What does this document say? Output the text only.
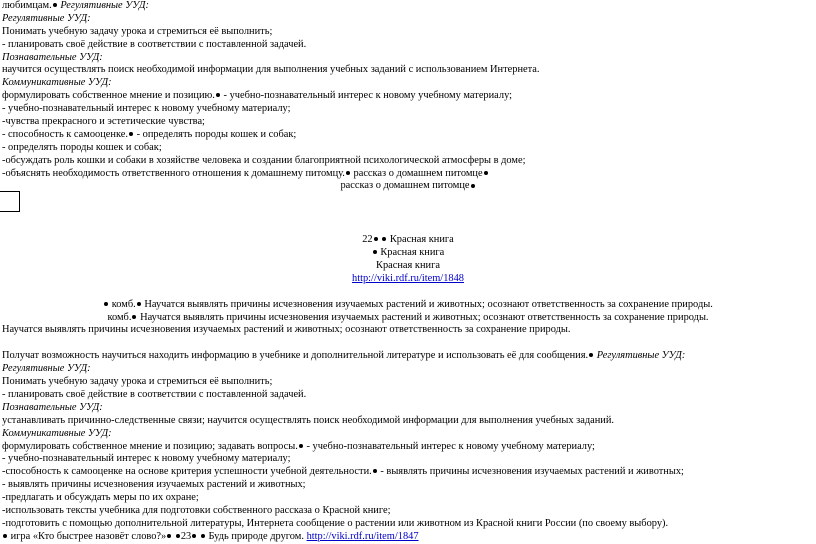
любимцам. Регулятивные УУД:
Регулятивные УУД:
Понимать учебную задачу урока и стремиться её выполнить;
- планировать своё действие в соответствии с поставленной задачей.
Познавательные УУД:
научится осуществлять поиск необходимой информации для выполнения учебных заданий с использованием Интернета.
Коммуникативные УУД:
формулировать собственное мнение и позицию. - учебно-познавательный интерес к новому учебному материалу;
- учебно-познавательный интерес к новому учебному материалу;
-чувства прекрасного и эстетические чувства;
- способность к самооценке. - определять породы кошек и собак;
- определять породы кошек и собак;
-обсуждать роль кошки и собаки в хозяйстве человека и создании благоприятной психологической атмосферы в доме;
-объяснять необходимость ответственного отношения к домашнему питомцу. рассказ о домашнем питомце
рассказ о домашнем питомце
22 Красная книга
Красная книга
Красная книга
http://viki.rdf.ru/item/1848
комб. Научатся выявлять причины исчезновения изучаемых растений и животных; осознают ответственность за сохранение природы.
комб. Научатся выявлять причины исчезновения изучаемых растений и животных; осознают ответственность за сохранение природы.
Научатся выявлять причины исчезновения изучаемых растений и животных; осознают ответственность за сохранение природы.
Получат возможность научиться находить информацию в учебнике и дополнительной литературе и использовать её для сообщения. Регулятивные УУД:
Регулятивные УУД:
Понимать учебную задачу урока и стремиться её выполнить;
- планировать своё действие в соответствии с поставленной задачей.
Познавательные УУД:
устанавливать причинно-следственные связи; научится осуществлять поиск необходимой информации для выполнения учебных заданий.
Коммуникативные УУД:
формулировать собственное мнение и позицию; задавать вопросы. - учебно-познавательный интерес к новому учебному материалу;
- учебно-познавательный интерес к новому учебному материалу;
-способность к самооценке на основе критерия успешности учебной деятельности. - выявлять причины исчезновения изучаемых растений и животных;
- выявлять причины исчезновения изучаемых растений и животных;
-предлагать и обсуждать меры по их охране;
-использовать тексты учебника для подготовки собственного рассказа о Красной книге;
-подготовить с помощью дополнительной литературы, Интернета сообщение о растении или животном из Красной книги России (по своему выбору).
игра «Кто быстрее назовёт слово?» 23 Будь природе другом. http://viki.rdf.ru/item/1847
